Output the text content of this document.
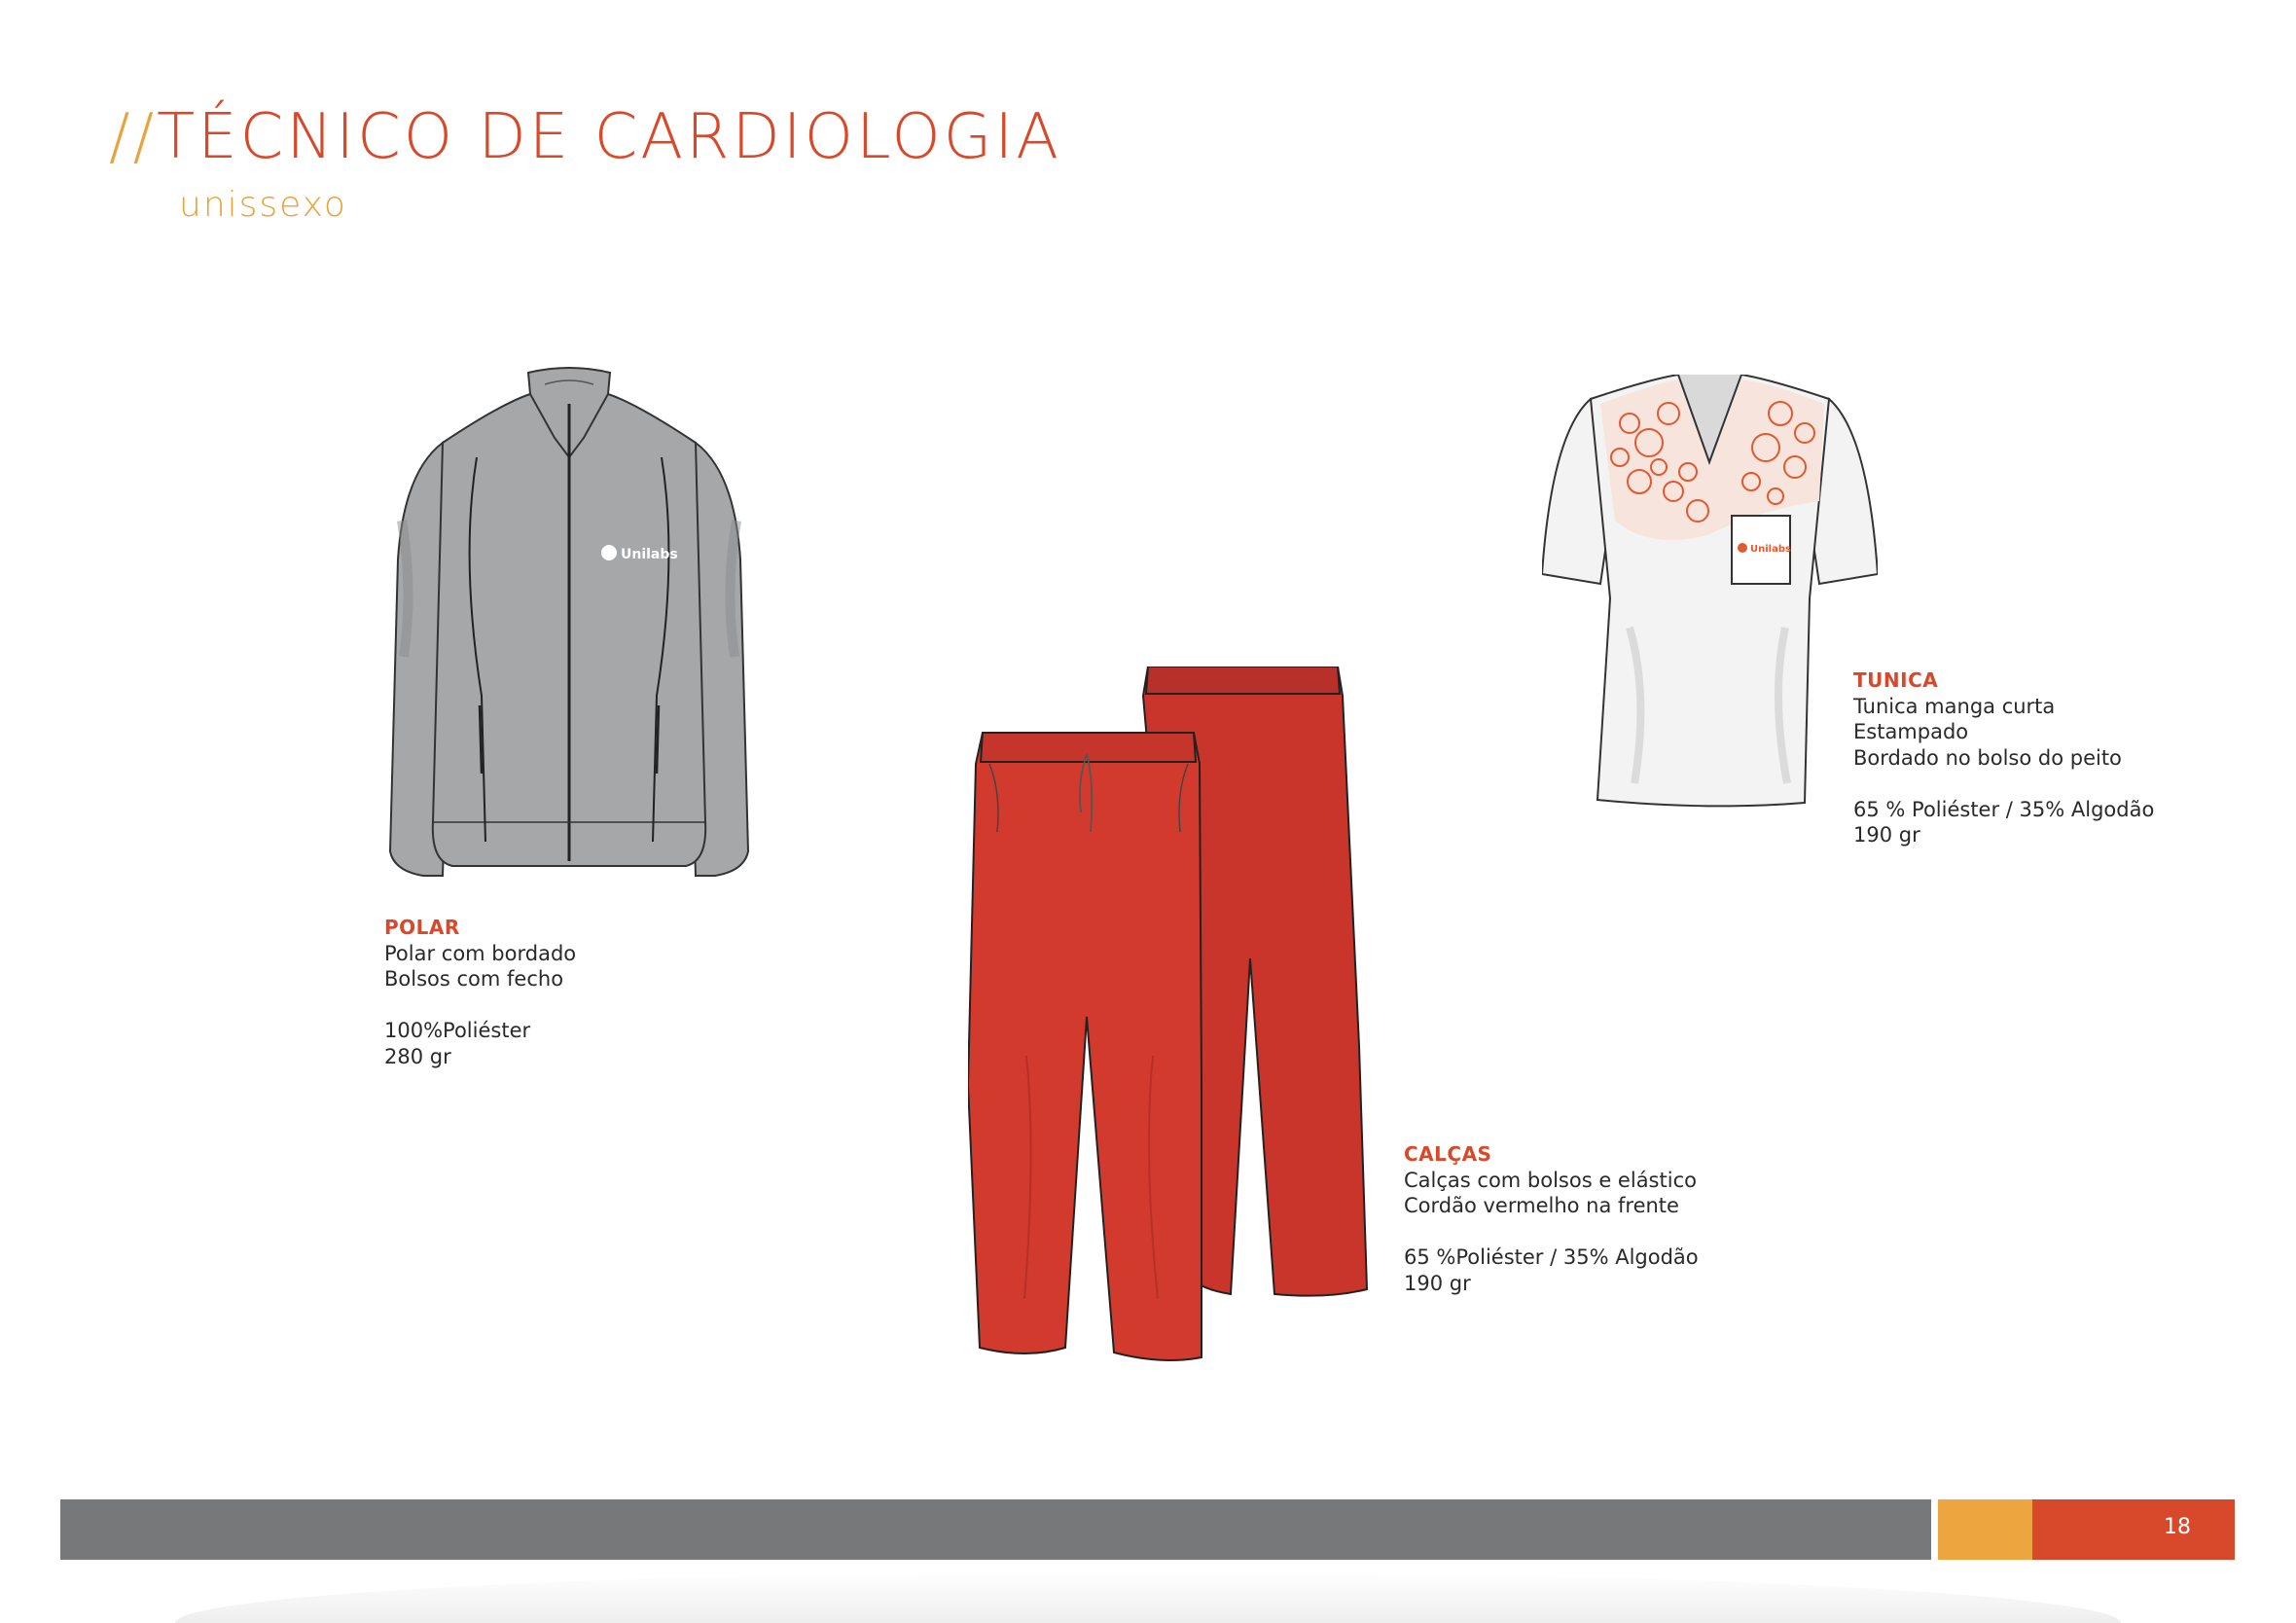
//TÉCNICO DE CARDIOLOGIA
unissexo
Unilabs	Unilabs
POLAR
Polar com bordado
Bolsos com fecho
100%Poliéster
280 gr
CALÇAS
Calças com bolsos e elástico
Cordão vermelho na frente
65 %Poliéster / 35% Algodão
190 gr
TUNICA
Tunica manga curta
Estampado
Bordado no bolso do peito
65 % Poliéster / 35% Algodão
190 gr
18
